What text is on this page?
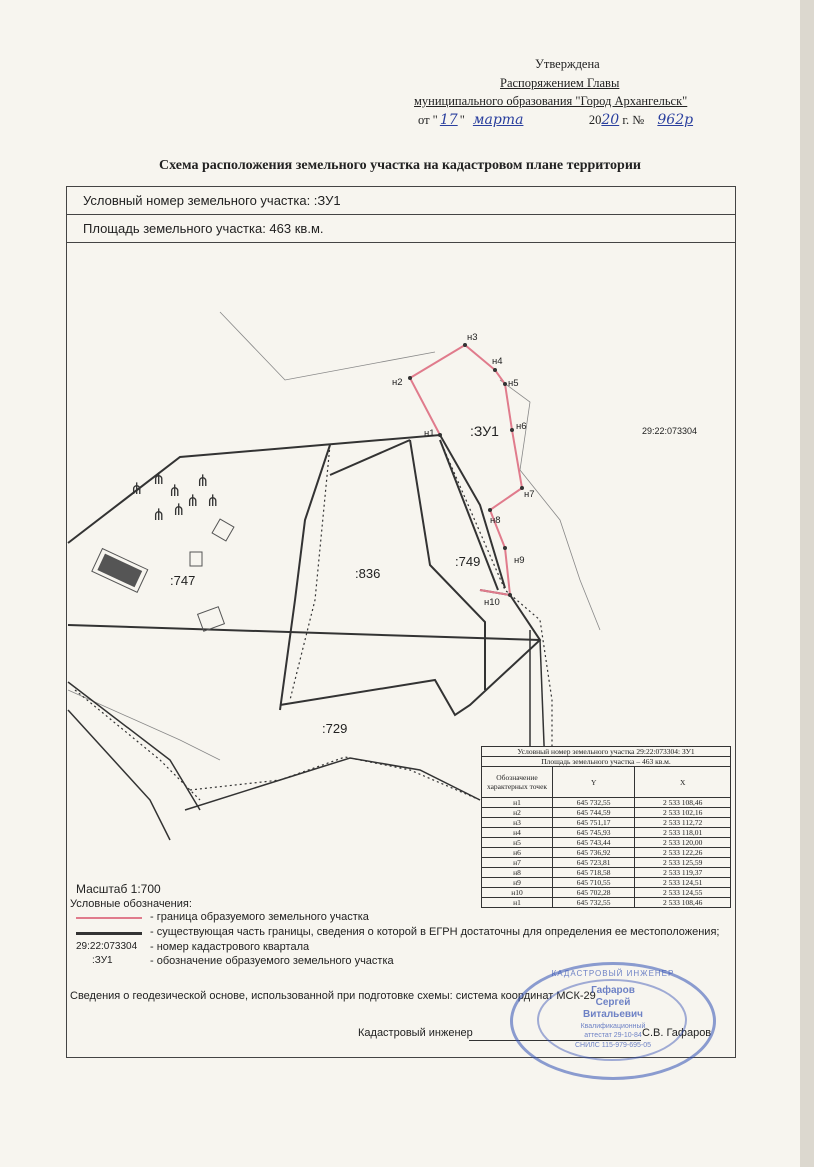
Утверждена
Распоряжением Главы
муниципального образования "Город Архангельск"
от " 17 " марта	2020 г. № 962р
Схема расположения земельного участка на кадастровом плане территории
Условный номер земельного участка: :ЗУ1
Площадь земельного участка: 463 кв.м.
⋔
⋔
⋔
⋔
⋔ ⋔
⋔ ⋔
н1
н2
н3
н4
н5
н6
н7
н8
н9
н10
:ЗУ1	29:22:073304
:747	:836
:749
:729
Условный номер земельного участка 29:22:073304: ЗУ1		
Площадь земельного участка – 463 кв.м.		
Обозначение характерных точек	Y	X
н1	645 732,55	2 533 108,46
н2	645 744,59	2 533 102,16
н3	645 751,17	2 533 112,72
н4	645 745,93	2 533 118,01
н5	645 743,44	2 533 120,00
н6	645 736,92	2 533 122,26
н7	645 723,81	2 533 125,59
н8	645 718,58	2 533 119,37
н9	645 710,55	2 533 124,51
н10	645 702,28	2 533 124,55
н1	645 732,55	2 533 108,46
Масштаб 1:700
Условные обозначения:
- граница образуемого земельного участка
- существующая часть границы, сведения о которой в ЕГРН достаточны для определения ее местоположения;
29:22:073304 - номер кадастрового квартала
:ЗУ1	- обозначение образуемого земельного участка
Сведения о геодезической основе, использованной при подготовке схемы: система координат МСК-29
Кадастровый инженер	С.В. Гафаров
КАДАСТРОВЫЙ ИНЖЕНЕР
Гафаров
Сергей
Витальевич
Квалификационный
аттестат 29-10-84
СНИЛС 115-979-695-05
